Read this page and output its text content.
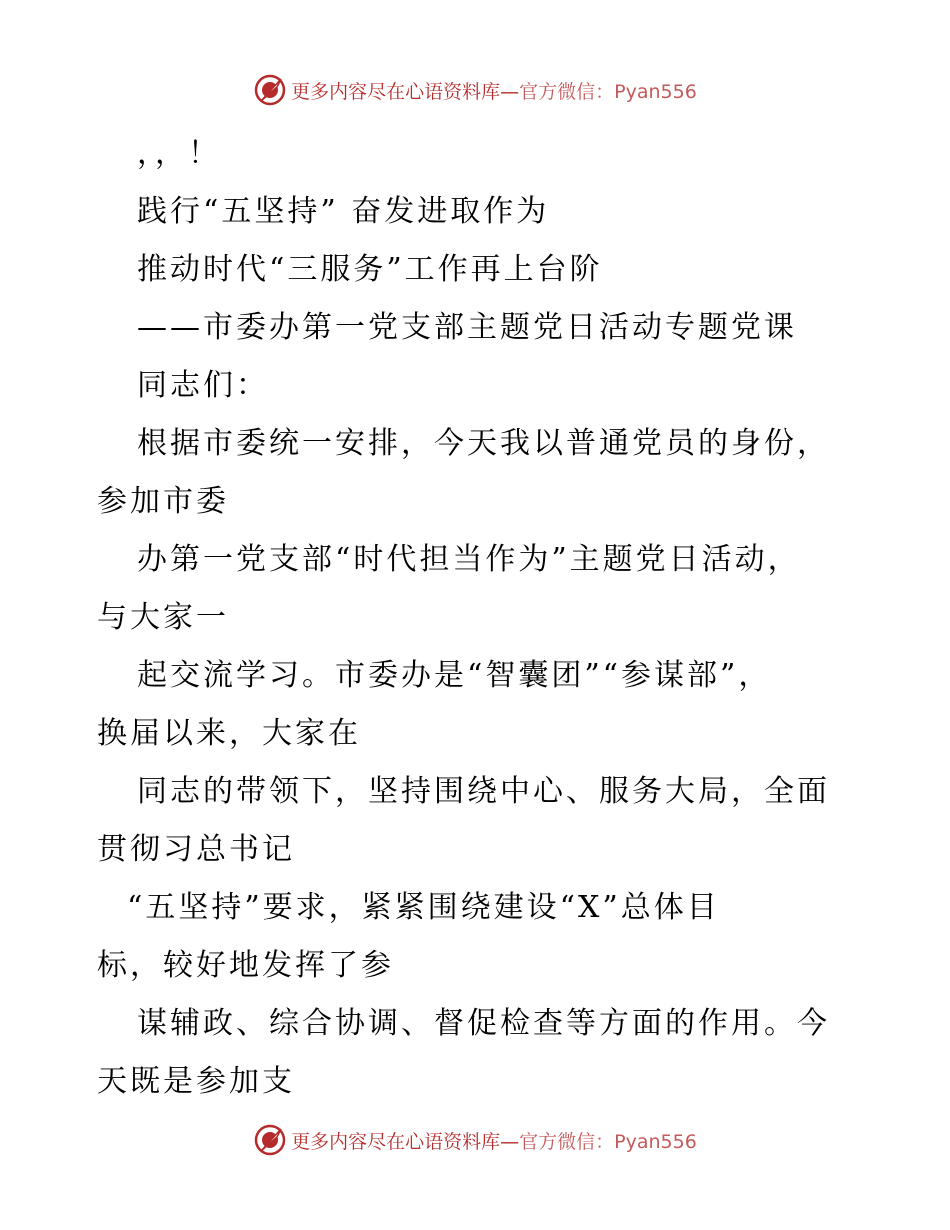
更多内容尽在心语资料库—官方微信：Pyan556
，，！
践行“五坚持” 奋发进取作为
推动时代“三服务”工作再上台阶
——市委办第一党支部主题党日活动专题党课
同志们：
根据市委统一安排，今天我以普通党员的身份，
参加市委
办第一党支部“时代担当作为”主题党日活动，
与大家一
起交流学习。市委办是“智囊团”“参谋部”，
换届以来，大家在
同志的带领下，坚持围绕中心、服务大局，全面
贯彻习总书记
“五坚持”要求，紧紧围绕建设“X”总体目
标，较好地发挥了参
谋辅政、综合协调、督促检查等方面的作用。今
天既是参加支
更多内容尽在心语资料库—官方微信：Pyan556
